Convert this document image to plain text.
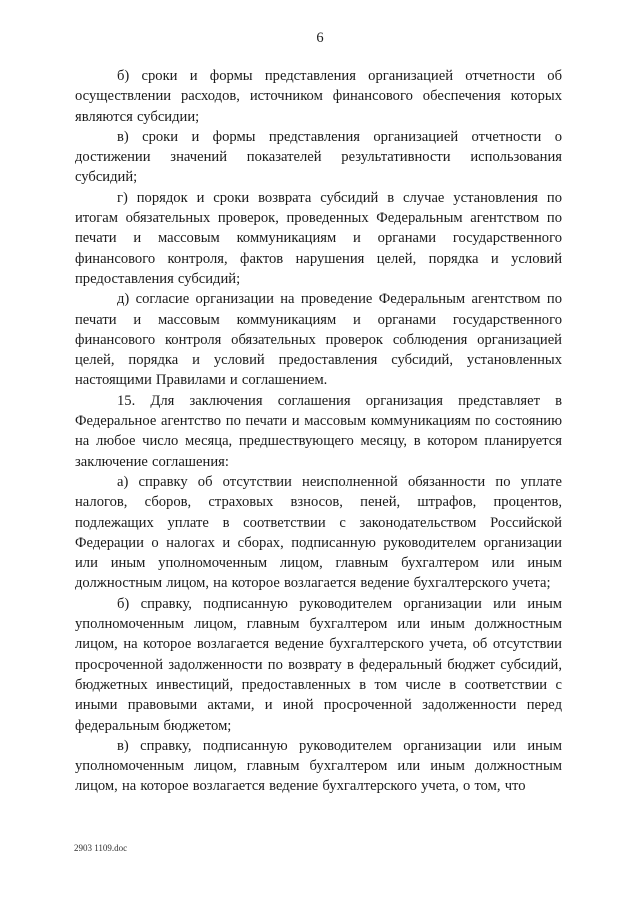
6

б) сроки и формы представления организацией отчетности об осуществлении расходов, источником финансового обеспечения которых являются субсидии;

в) сроки и формы представления организацией отчетности о достижении значений показателей результативности использования субсидий;

г) порядок и сроки возврата субсидий в случае установления по итогам обязательных проверок, проведенных Федеральным агентством по печати и массовым коммуникациям и органами государственного финансового контроля, фактов нарушения целей, порядка и условий предоставления субсидий;

д) согласие организации на проведение Федеральным агентством по печати и массовым коммуникациям и органами государственного финансового контроля обязательных проверок соблюдения организацией целей, порядка и условий предоставления субсидий, установленных настоящими Правилами и соглашением.

15. Для заключения соглашения организация представляет в Федеральное агентство по печати и массовым коммуникациям по состоянию на любое число месяца, предшествующего месяцу, в котором планируется заключение соглашения:

а) справку об отсутствии неисполненной обязанности по уплате налогов, сборов, страховых взносов, пеней, штрафов, процентов, подлежащих уплате в соответствии с законодательством Российской Федерации о налогах и сборах, подписанную руководителем организации или иным уполномоченным лицом, главным бухгалтером или иным должностным лицом, на которое возлагается ведение бухгалтерского учета;

б) справку, подписанную руководителем организации или иным уполномоченным лицом, главным бухгалтером или иным должностным лицом, на которое возлагается ведение бухгалтерского учета, об отсутствии просроченной задолженности по возврату в федеральный бюджет субсидий, бюджетных инвестиций, предоставленных в том числе в соответствии с иными правовыми актами, и иной просроченной задолженности перед федеральным бюджетом;

в) справку, подписанную руководителем организации или иным уполномоченным лицом, главным бухгалтером или иным должностным лицом, на которое возлагается ведение бухгалтерского учета, о том, что

2903 1109.doc
